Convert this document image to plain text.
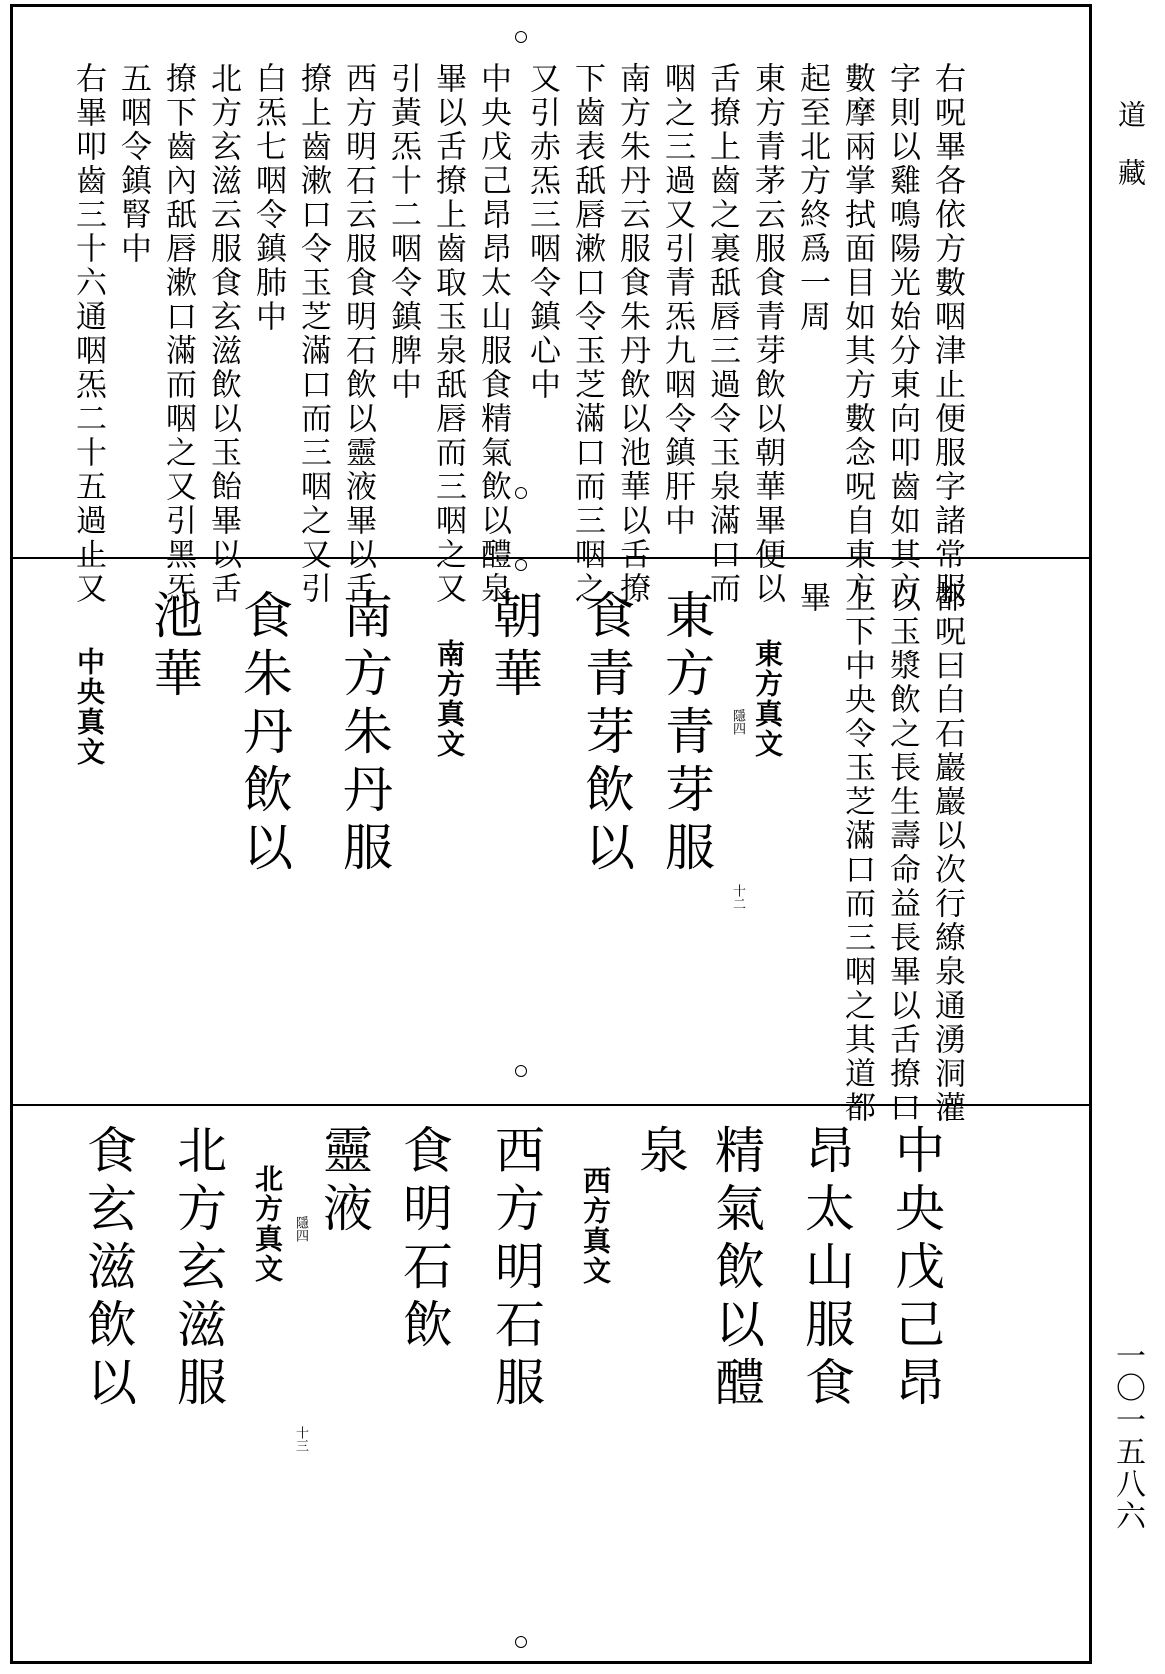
右呪畢各依方數咽津止便服字諸常服
字則以雞鳴陽光始分東向叩齒如其方
數摩兩掌拭面目如其方數念呪自東方
起至北方終爲一周
東方青茅云服食青芽飲以朝華畢便以
舌撩上齒之裏舐唇三過令玉泉滿口而
咽之三過又引青炁九咽令鎮肝中
南方朱丹云服食朱丹飲以池華以舌撩
下齒表舐唇漱口令玉芝滿口而三咽之
又引赤炁三咽令鎮心中
中央戊己昂昂太山服食精氣飲以醴泉
畢以舌撩上齒取玉泉舐唇而三咽之又
引黃炁十二咽令鎮脾中
西方明石云服食明石飲以靈液畢以舌
撩上齒漱口令玉芝滿口而三咽之又引
白炁七咽令鎮肺中
北方玄滋云服食玄滋飲以玉飴畢以舌
撩下齒內舐唇漱口滿而咽之又引黑炁
五咽令鎮腎中
右畢叩齒三十六通咽炁二十五過止又
都呪曰白石巖巖以次行繚泉通湧洞灌
以玉漿飲之長生壽命益長畢以舌撩口
上下中央令玉芝滿口而三咽之其道都
畢
東方真文
隱四
十二
東方青芽服
食青芽飲以
朝華
南方真文
南方朱丹服
食朱丹飲以
池華
中央真文
中央戊己昂
昂太山服食
精氣飲以醴
泉
西方真文
西方明石服
食明石飲
靈液
隱四
十三
北方真文
北方玄滋服
食玄滋飲以
道藏
一〇一五八六
